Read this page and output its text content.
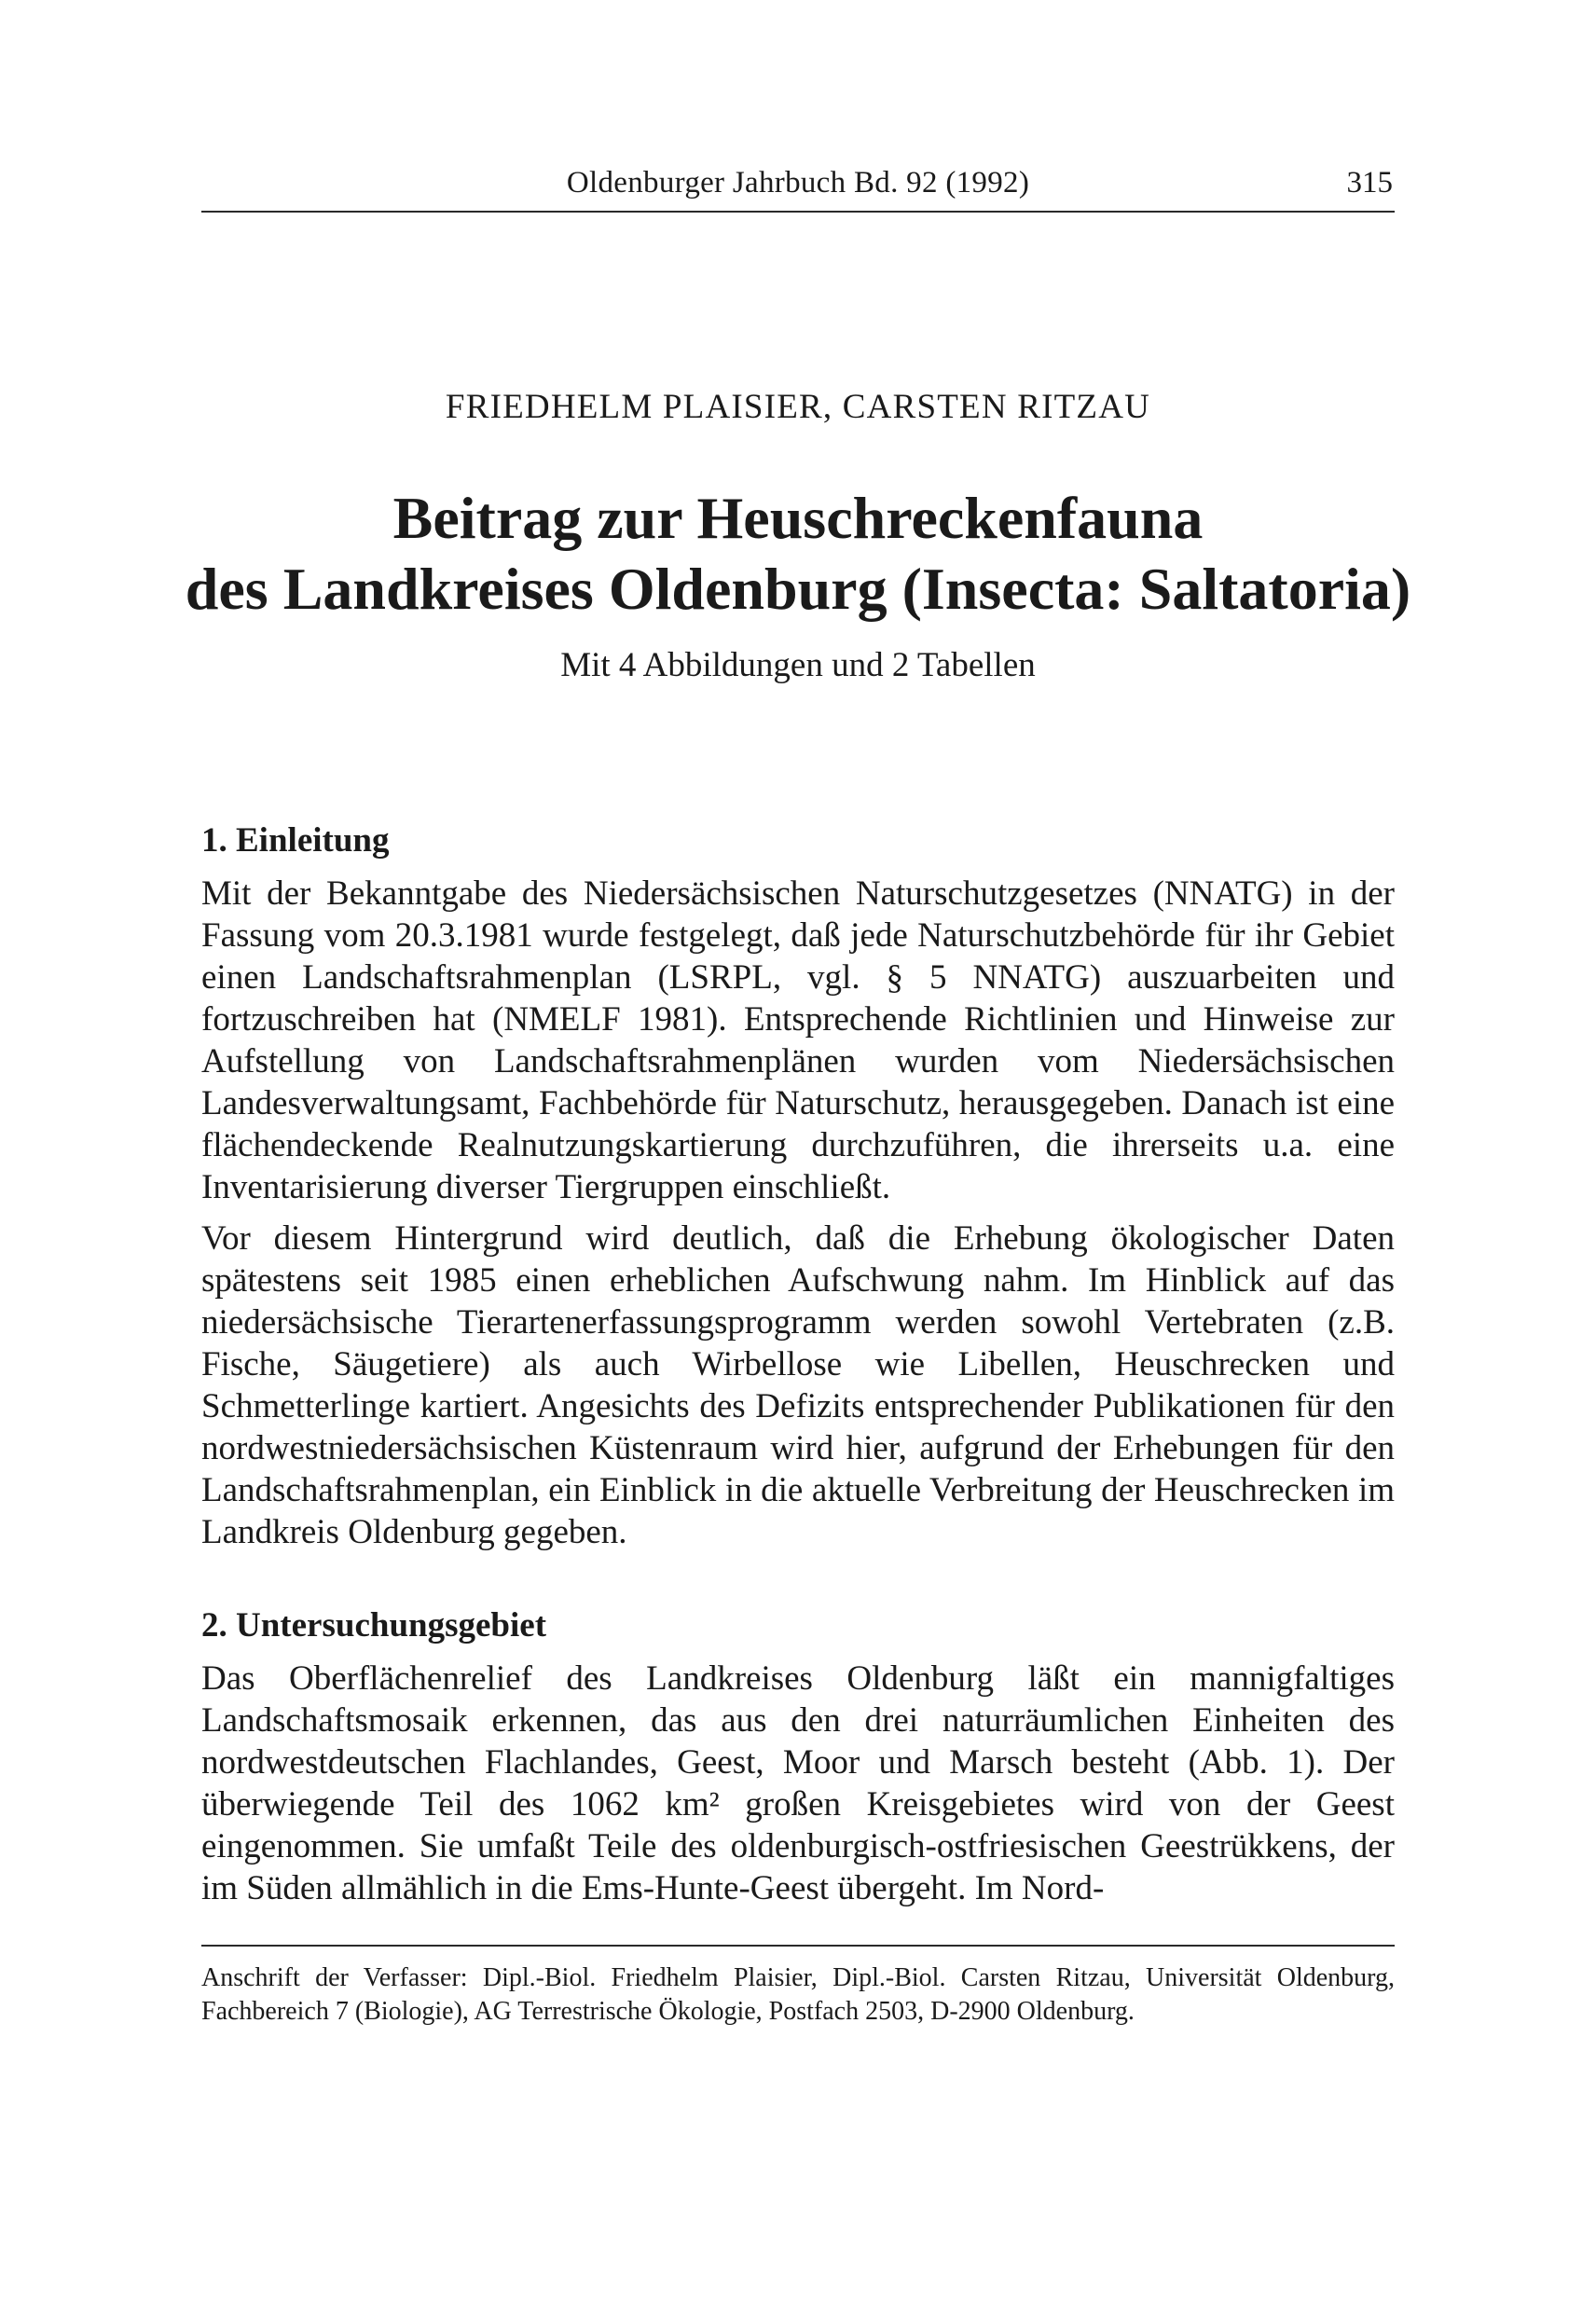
Oldenburger Jahrbuch Bd. 92 (1992)	315
FRIEDHELM PLAISIER, CARSTEN RITZAU
Beitrag zur Heuschreckenfauna
des Landkreises Oldenburg (Insecta: Saltatoria)
Mit 4 Abbildungen und 2 Tabellen
1. Einleitung
Mit der Bekanntgabe des Niedersächsischen Naturschutzgesetzes (NNATG) in der Fassung vom 20.3.1981 wurde festgelegt, daß jede Naturschutzbehörde für ihr Gebiet einen Landschaftsrahmenplan (LSRPL, vgl. § 5 NNATG) auszuarbeiten und fortzuschreiben hat (NMELF 1981). Entsprechende Richtlinien und Hinweise zur Aufstellung von Landschaftsrahmenplänen wurden vom Niedersächsischen Landesverwaltungsamt, Fachbehörde für Naturschutz, herausgegeben. Danach ist eine flächendeckende Realnutzungskartierung durchzuführen, die ihrerseits u.a. eine Inventarisierung diverser Tiergruppen einschließt.
Vor diesem Hintergrund wird deutlich, daß die Erhebung ökologischer Daten spätestens seit 1985 einen erheblichen Aufschwung nahm. Im Hinblick auf das niedersächsische Tierartenerfassungsprogramm werden sowohl Vertebraten (z.B. Fische, Säugetiere) als auch Wirbellose wie Libellen, Heuschrecken und Schmetterlinge kartiert. Angesichts des Defizits entsprechender Publikationen für den nordwestniedersächsischen Küstenraum wird hier, aufgrund der Erhebungen für den Landschaftsrahmenplan, ein Einblick in die aktuelle Verbreitung der Heuschrecken im Landkreis Oldenburg gegeben.
2. Untersuchungsgebiet
Das Oberflächenrelief des Landkreises Oldenburg läßt ein mannigfaltiges Landschaftsmosaik erkennen, das aus den drei naturräumlichen Einheiten des nordwestdeutschen Flachlandes, Geest, Moor und Marsch besteht (Abb. 1). Der überwiegende Teil des 1062 km² großen Kreisgebietes wird von der Geest eingenommen. Sie umfaßt Teile des oldenburgisch-ostfriesischen Geestrükkens, der im Süden allmählich in die Ems-Hunte-Geest übergeht. Im Nord-
Anschrift der Verfasser: Dipl.-Biol. Friedhelm Plaisier, Dipl.-Biol. Carsten Ritzau, Universität Oldenburg, Fachbereich 7 (Biologie), AG Terrestrische Ökologie, Postfach 2503, D-2900 Oldenburg.
